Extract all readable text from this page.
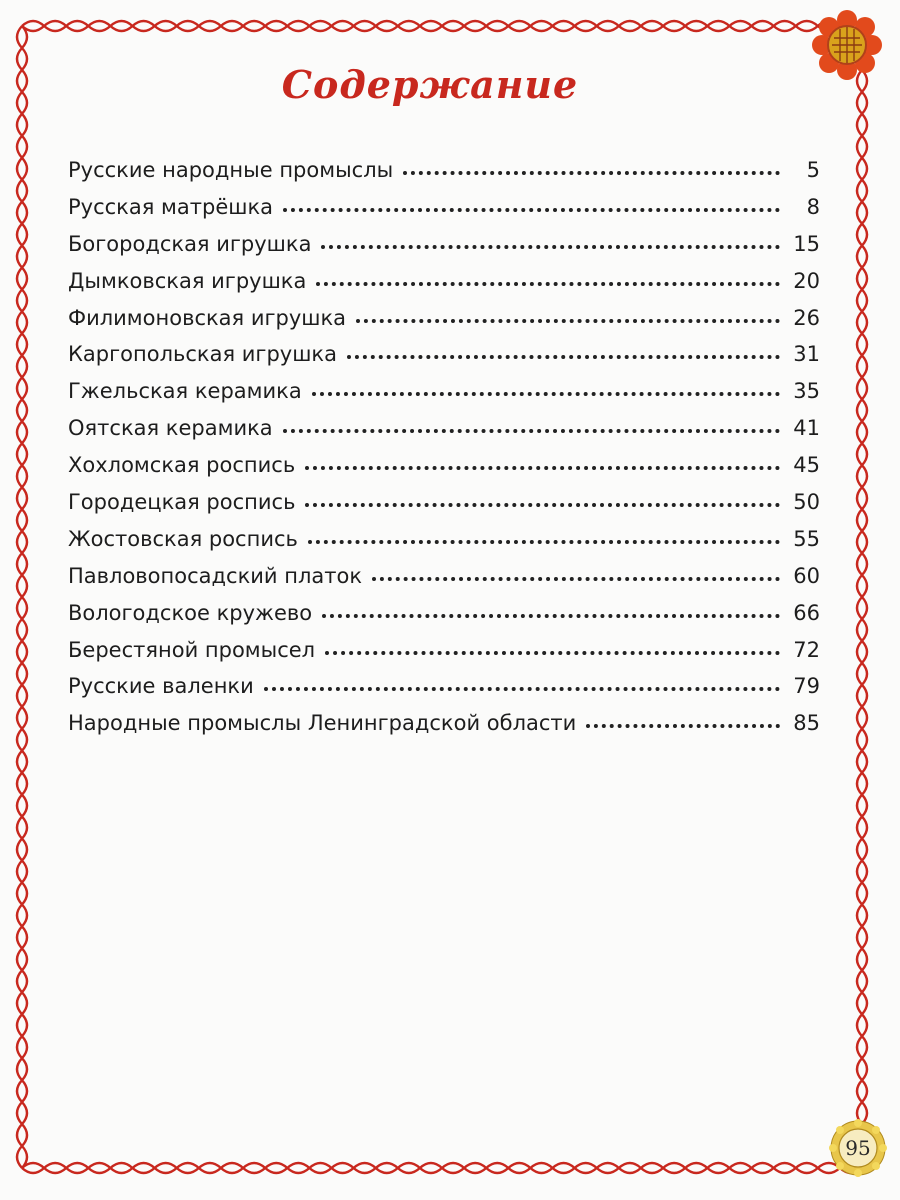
95
Содержание
Русские народные промыслы	5
Русская матрёшка	8
Богородская игрушка	15
Дымковская игрушка	20
Филимоновская игрушка	26
Каргопольская игрушка	31
Гжельская керамика	35
Оятская керамика	41
Хохломская роспись	45
Городецкая роспись	50
Жостовская роспись	55
Павловопосадский платок	60
Вологодское кружево	66
Берестяной промысел	72
Русские валенки	79
Народные промыслы Ленинградской области	85
